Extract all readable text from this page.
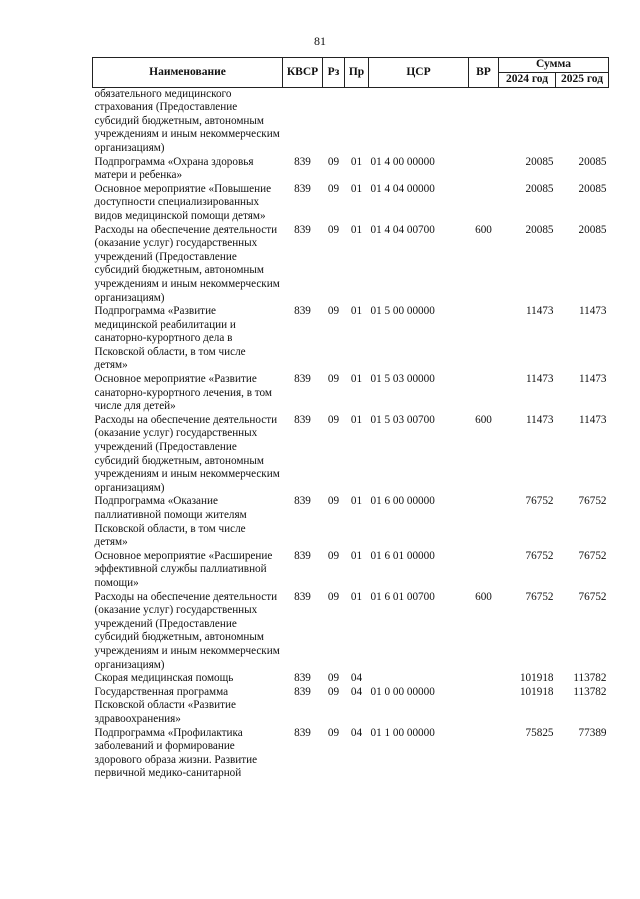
81
Наименование	КВСР	Рз	Пр	ЦСР	ВР	Сумма	
						2024 год	2025 год
обязательного медицинского страхования (Предоставление субсидий бюджетным, автономным учреждениям и иным некоммерческим организациям)							
Подпрограмма «Охрана здоровья матери и ребенка»	839	09	01	01 4 00 00000		20085	20085
Основное мероприятие «Повышение доступности специализированных видов медицинской помощи детям»	839	09	01	01 4 04 00000		20085	20085
Расходы на обеспечение деятельности (оказание услуг) государственных учреждений (Предоставление субсидий бюджетным, автономным учреждениям и иным некоммерческим организациям)	839	09	01	01 4 04 00700	600	20085	20085
Подпрограмма «Развитие медицинской реабилитации и санаторно-курортного дела в Псковской области, в том числе детям»	839	09	01	01 5 00 00000		11473	11473
Основное мероприятие «Развитие санаторно-курортного лечения, в том числе для детей»	839	09	01	01 5 03 00000		11473	11473
Расходы на обеспечение деятельности (оказание услуг) государственных учреждений (Предоставление субсидий бюджетным, автономным учреждениям и иным некоммерческим организациям)	839	09	01	01 5 03 00700	600	11473	11473
Подпрограмма «Оказание паллиативной помощи жителям Псковской области, в том числе детям»	839	09	01	01 6 00 00000		76752	76752
Основное мероприятие «Расширение эффективной службы паллиативной помощи»	839	09	01	01 6 01 00000		76752	76752
Расходы на обеспечение деятельности (оказание услуг) государственных учреждений (Предоставление субсидий бюджетным, автономным учреждениям и иным некоммерческим организациям)	839	09	01	01 6 01 00700	600	76752	76752
Скорая медицинская помощь	839	09	04			101918	113782
Государственная программа Псковской области «Развитие здравоохранения»	839	09	04	01 0 00 00000		101918	113782
Подпрограмма «Профилактика заболеваний и формирование здорового образа жизни. Развитие первичной медико-санитарной	839	09	04	01 1 00 00000		75825	77389
